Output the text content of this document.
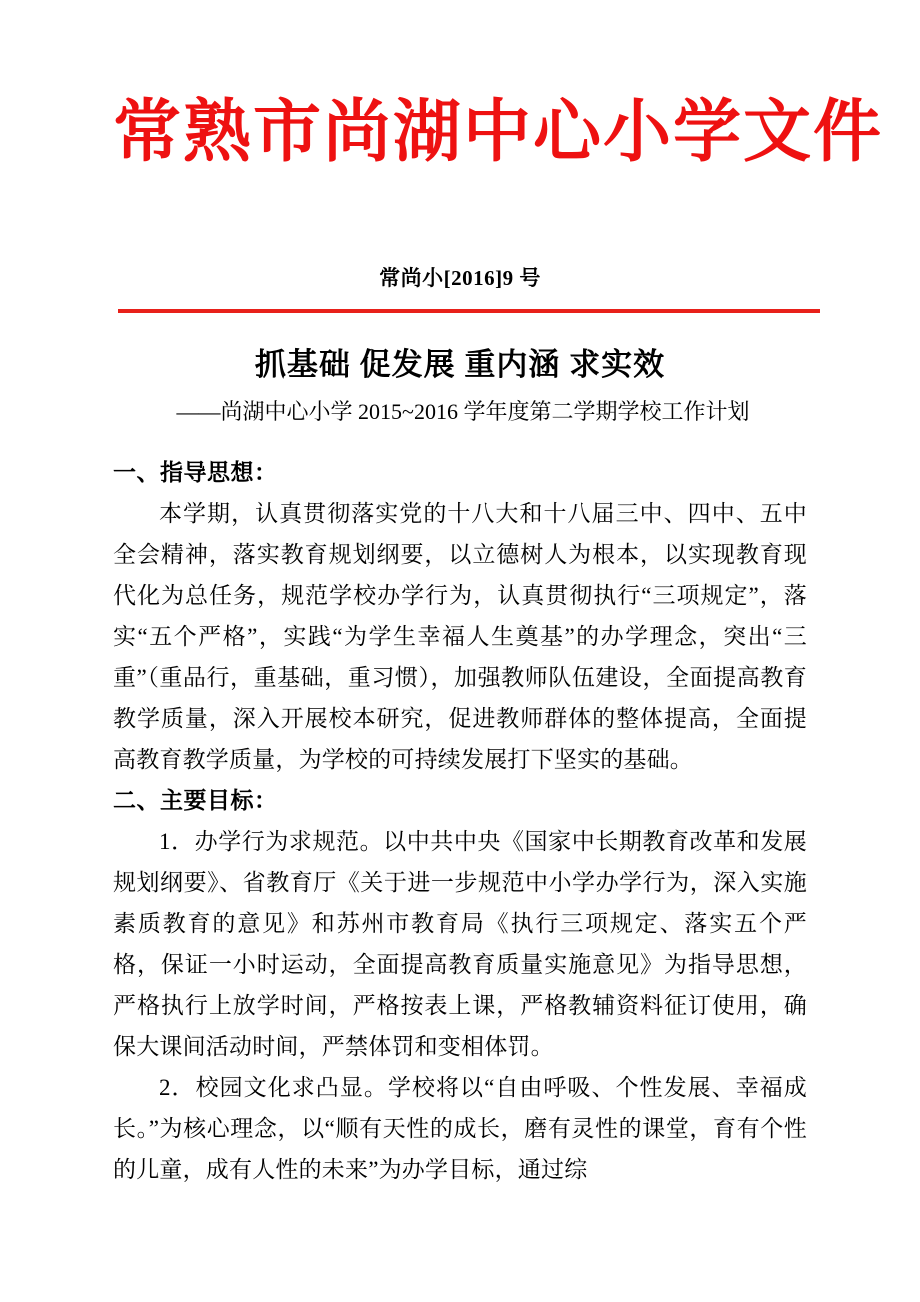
常熟市尚湖中心小学文件
常尚小[2016]9 号
抓基础 促发展 重内涵 求实效
——尚湖中心小学 2015~2016 学年度第二学期学校工作计划
一、指导思想：
本学期，认真贯彻落实党的十八大和十八届三中、四中、五中全会精神，落实教育规划纲要，以立德树人为根本，以实现教育现代化为总任务，规范学校办学行为，认真贯彻执行“三项规定”，落实“五个严格”，实践“为学生幸福人生奠基”的办学理念，突出“三重”（重品行，重基础，重习惯），加强教师队伍建设，全面提高教育教学质量，深入开展校本研究，促进教师群体的整体提高，全面提高教育教学质量，为学校的可持续发展打下坚实的基础。
二、主要目标：
1．办学行为求规范。以中共中央《国家中长期教育改革和发展规划纲要》、省教育厅《关于进一步规范中小学办学行为，深入实施素质教育的意见》和苏州市教育局《执行三项规定、落实五个严格，保证一小时运动，全面提高教育质量实施意见》为指导思想，严格执行上放学时间，严格按表上课，严格教辅资料征订使用，确保大课间活动时间，严禁体罚和变相体罚。
2．校园文化求凸显。学校将以“自由呼吸、个性发展、幸福成长。”为核心理念，以“顺有天性的成长，磨有灵性的课堂，育有个性的儿童，成有人性的未来”为办学目标，通过综
